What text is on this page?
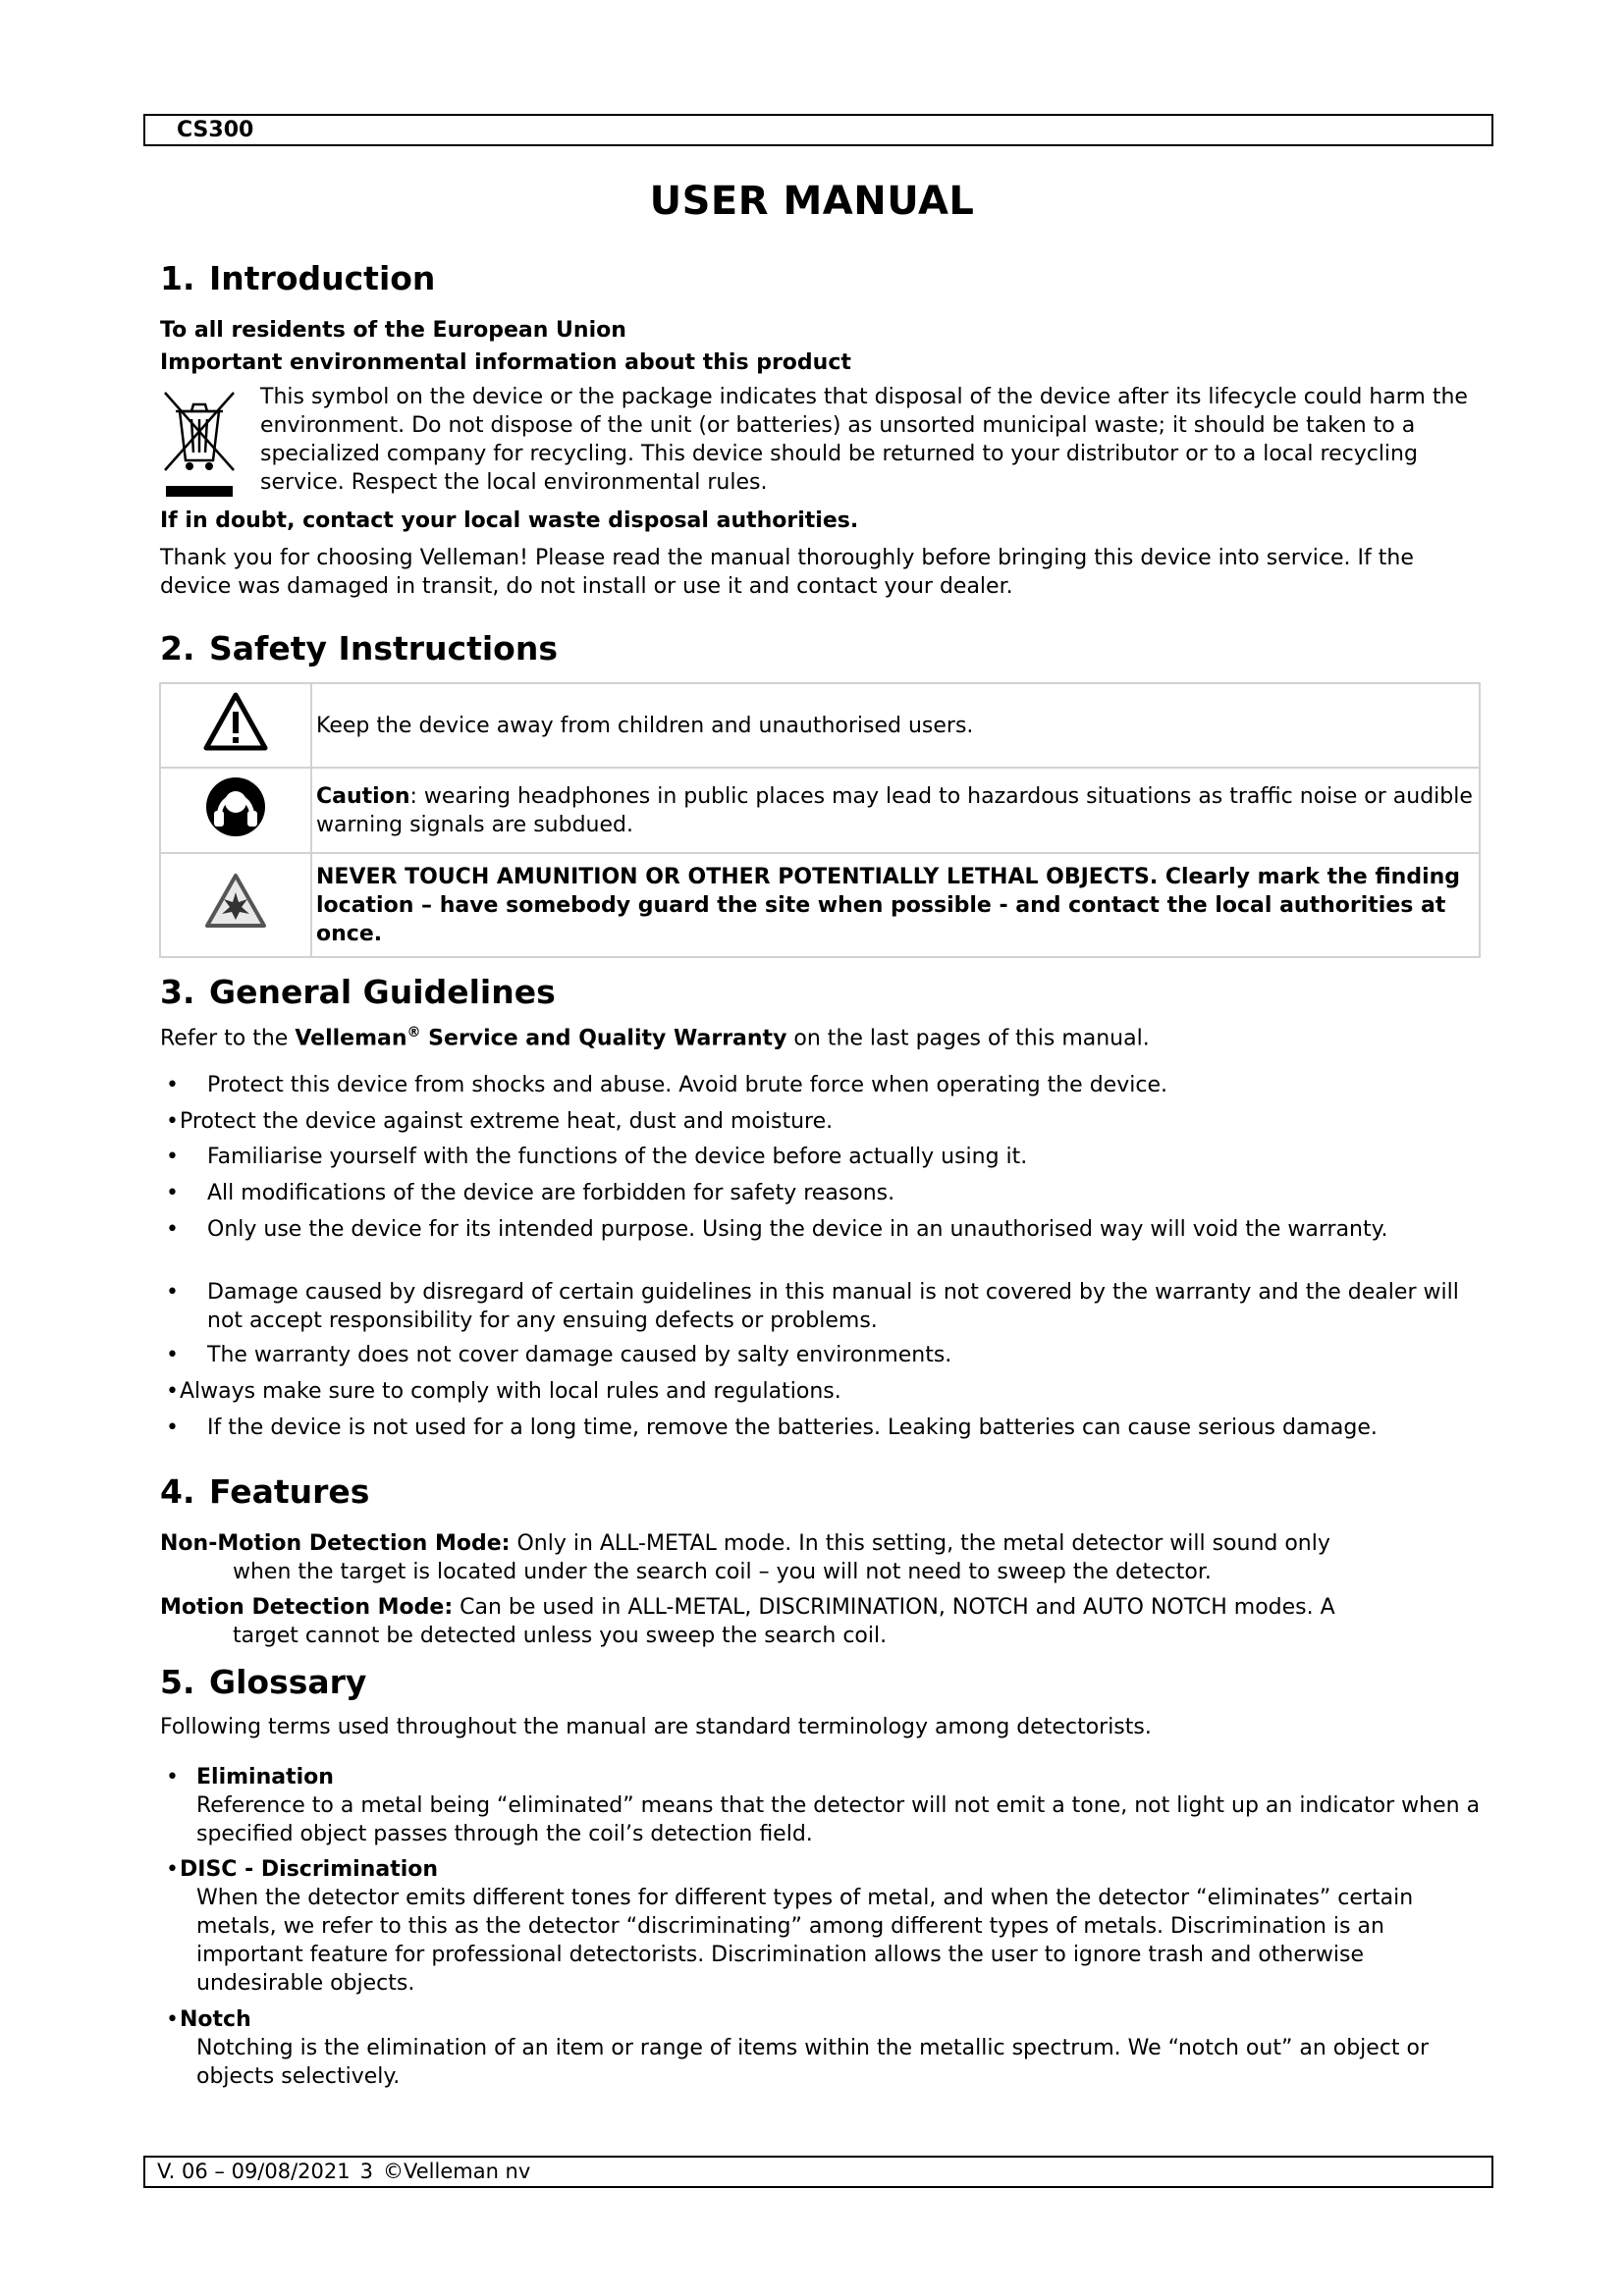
CS300
USER MANUAL
1. Introduction
To all residents of the European Union
Important environmental information about this product
This symbol on the device or the package indicates that disposal of the device after its lifecycle could harm the environment. Do not dispose of the unit (or batteries) as unsorted municipal waste; it should be taken to a specialized company for recycling. This device should be returned to your distributor or to a local recycling service. Respect the local environmental rules.
If in doubt, contact your local waste disposal authorities.
Thank you for choosing Velleman! Please read the manual thoroughly before bringing this device into service. If the device was damaged in transit, do not install or use it and contact your dealer.
2. Safety Instructions
	Keep the device away from children and unauthorised users.
	Caution: wearing headphones in public places may lead to hazardous situations as traffic noise or audible warning signals are subdued.
	NEVER TOUCH AMUNITION OR OTHER POTENTIALLY LETHAL OBJECTS. Clearly mark the finding location – have somebody guard the site when possible - and contact the local authorities at once.
3. General Guidelines
Refer to the Velleman® Service and Quality Warranty on the last pages of this manual.
• Protect this device from shocks and abuse. Avoid brute force when operating the device.
• Protect the device against extreme heat, dust and moisture.
• Familiarise yourself with the functions of the device before actually using it.
• All modifications of the device are forbidden for safety reasons.
• Only use the device for its intended purpose. Using the device in an unauthorised way will void the warranty.
• Damage caused by disregard of certain guidelines in this manual is not covered by the warranty and the dealer will not accept responsibility for any ensuing defects or problems.
• The warranty does not cover damage caused by salty environments.
• Always make sure to comply with local rules and regulations.
• If the device is not used for a long time, remove the batteries. Leaking batteries can cause serious damage.
4. Features
Non-Motion Detection Mode: Only in ALL-METAL mode. In this setting, the metal detector will sound only
when the target is located under the search coil – you will not need to sweep the detector.
Motion Detection Mode: Can be used in ALL-METAL, DISCRIMINATION, NOTCH and AUTO NOTCH modes. A
target cannot be detected unless you sweep the search coil.
5. Glossary
Following terms used throughout the manual are standard terminology among detectorists.
• Elimination
Reference to a metal being “eliminated” means that the detector will not emit a tone, not light up an indicator when a specified object passes through the coil’s detection field.
• DISC - Discrimination
When the detector emits different tones for different types of metal, and when the detector “eliminates” certain metals, we refer to this as the detector “discriminating” among different types of metals. Discrimination is an important feature for professional detectorists. Discrimination allows the user to ignore trash and otherwise undesirable objects.
• Notch
Notching is the elimination of an item or range of items within the metallic spectrum. We “notch out” an object or objects selectively.
V. 06 – 09/08/2021 3 ©Velleman nv
